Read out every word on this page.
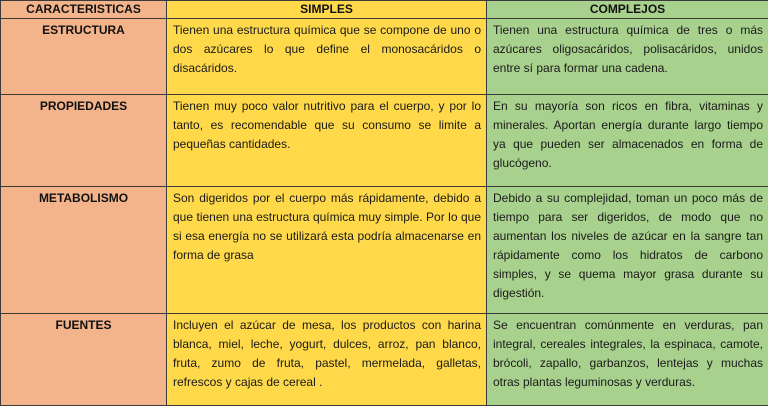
CARACTERISTICAS	SIMPLES	COMPLEJOS
ESTRUCTURA	Tienen una estructura química que se compone de uno o dos azúcares lo que define el monosacáridos o disacáridos.	Tienen una estructura química de tres o más azúcares oligosacáridos, polisacáridos, unidos entre sí para formar una cadena.
PROPIEDADES	Tienen muy poco valor nutritivo para el cuerpo, y por lo tanto, es recomendable que su consumo se limite a pequeñas cantidades.	En su mayoría son ricos en fibra, vitaminas y minerales. Aportan energía durante largo tiempo ya que pueden ser almacenados en forma de glucógeno.
METABOLISMO	Son digeridos por el cuerpo más rápidamente, debido a que tienen una estructura química muy simple. Por lo que si esa energía no se utilizará esta podría almacenarse en forma de grasa	Debido a su complejidad, toman un poco más de tiempo para ser digeridos, de modo que no aumentan los niveles de azúcar en la sangre tan rápidamente como los hidratos de carbono simples, y se quema mayor grasa durante su digestión.
FUENTES	Incluyen el azúcar de mesa, los productos con harina blanca, miel, leche, yogurt, dulces, arroz, pan blanco, fruta, zumo de fruta, pastel, mermelada, galletas, refrescos y cajas de cereal .	Se encuentran comúnmente en verduras, pan integral, cereales integrales, la espinaca, camote, brócoli, zapallo, garbanzos, lentejas y muchas otras plantas leguminosas y verduras.
